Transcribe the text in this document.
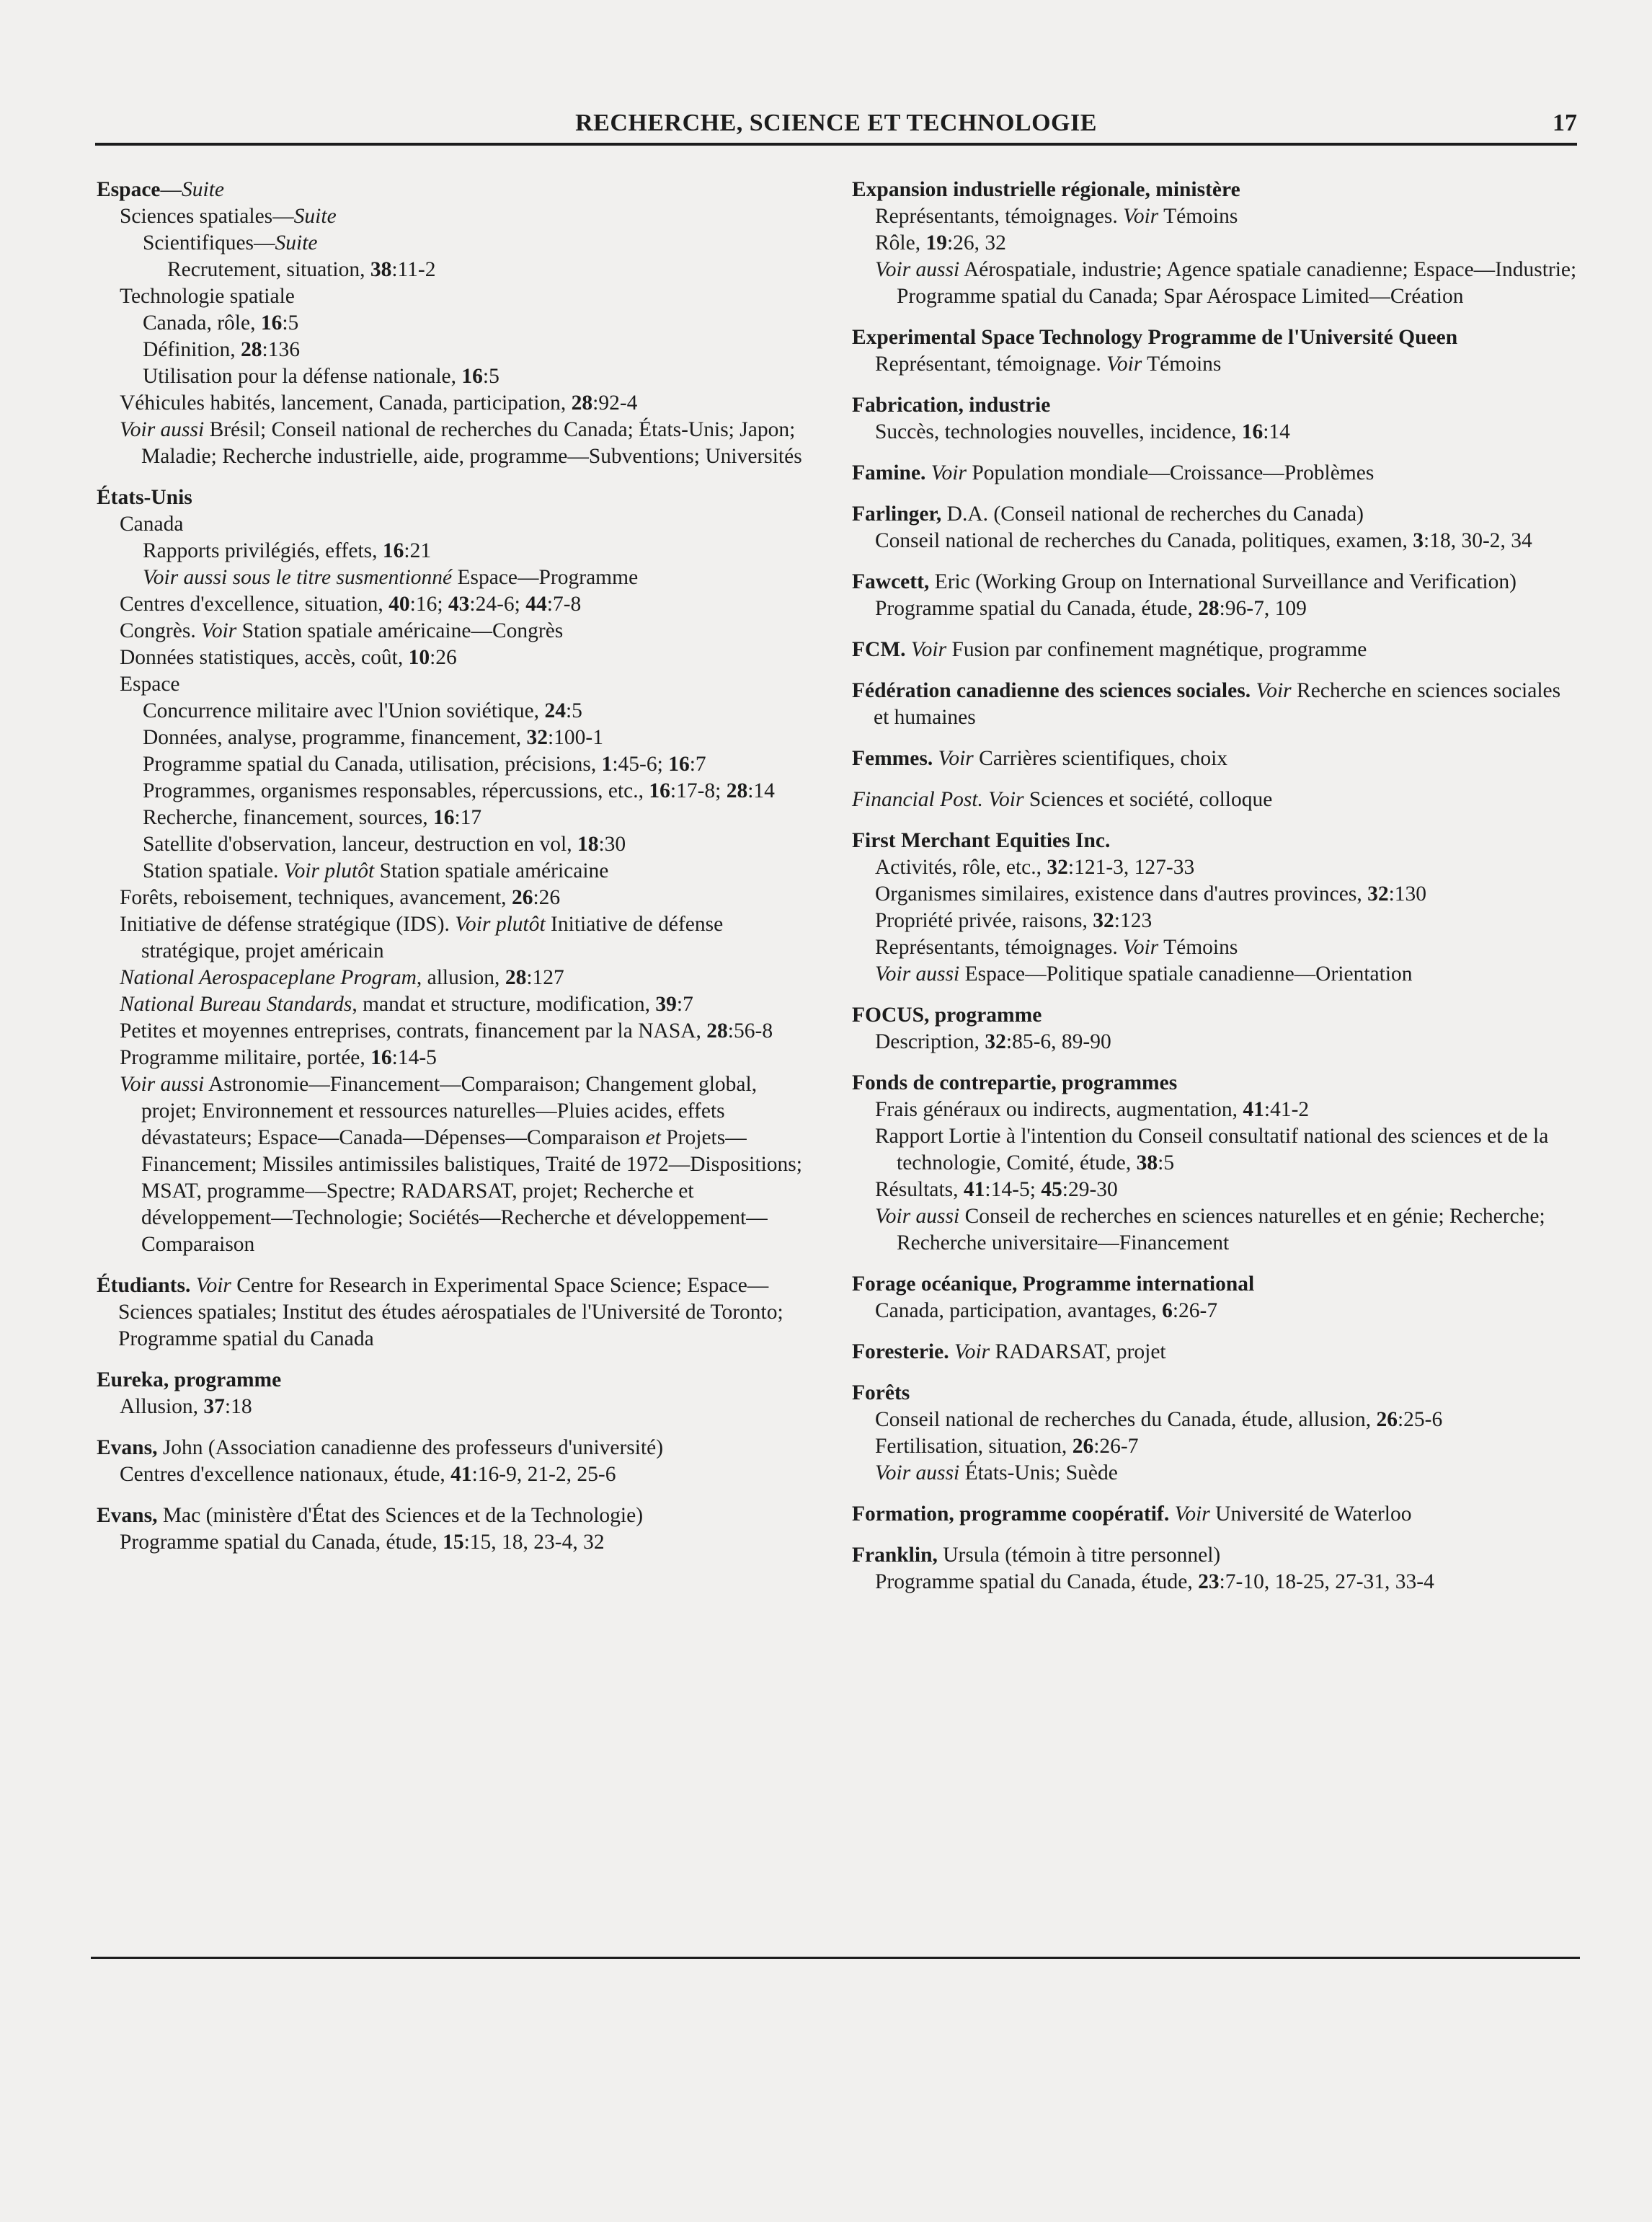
RECHERCHE, SCIENCE ET TECHNOLOGIE	17
Espace—Suite
Sciences spatiales—Suite
Scientifiques—Suite
Recrutement, situation, 38:11-2
Technologie spatiale
Canada, rôle, 16:5
Définition, 28:136
Utilisation pour la défense nationale, 16:5
Véhicules habités, lancement, Canada, participation, 28:92-4
Voir aussi Brésil; Conseil national de recherches du Canada; États-Unis; Japon; Maladie; Recherche industrielle, aide, programme—Subventions; Universités
États-Unis
Canada
Rapports privilégiés, effets, 16:21
Voir aussi sous le titre susmentionné Espace—Programme
Centres d'excellence, situation, 40:16; 43:24-6; 44:7-8
Congrès. Voir Station spatiale américaine—Congrès
Données statistiques, accès, coût, 10:26
Espace
Concurrence militaire avec l'Union soviétique, 24:5
Données, analyse, programme, financement, 32:100-1
Programme spatial du Canada, utilisation, précisions, 1:45-6; 16:7
Programmes, organismes responsables, répercussions, etc., 16:17-8; 28:14
Recherche, financement, sources, 16:17
Satellite d'observation, lanceur, destruction en vol, 18:30
Station spatiale. Voir plutôt Station spatiale américaine
Forêts, reboisement, techniques, avancement, 26:26
Initiative de défense stratégique (IDS). Voir plutôt Initiative de défense stratégique, projet américain
National Aerospaceplane Program, allusion, 28:127
National Bureau Standards, mandat et structure, modification, 39:7
Petites et moyennes entreprises, contrats, financement par la NASA, 28:56-8
Programme militaire, portée, 16:14-5
Voir aussi Astronomie—Financement—Comparaison; Changement global, projet; Environnement et ressources naturelles—Pluies acides, effets dévastateurs; Espace—Canada—Dépenses—Comparaison et Projets—Financement; Missiles antimissiles balistiques, Traité de 1972—Dispositions; MSAT, programme—Spectre; RADARSAT, projet; Recherche et développement—Technologie; Sociétés—Recherche et développement—Comparaison
Étudiants. Voir Centre for Research in Experimental Space Science; Espace—Sciences spatiales; Institut des études aérospatiales de l'Université de Toronto; Programme spatial du Canada
Eureka, programme
Allusion, 37:18
Evans, John (Association canadienne des professeurs d'université)
Centres d'excellence nationaux, étude, 41:16-9, 21-2, 25-6
Evans, Mac (ministère d'État des Sciences et de la Technologie)
Programme spatial du Canada, étude, 15:15, 18, 23-4, 32
Expansion industrielle régionale, ministère
Représentants, témoignages. Voir Témoins
Rôle, 19:26, 32
Voir aussi Aérospatiale, industrie; Agence spatiale canadienne; Espace—Industrie; Programme spatial du Canada; Spar Aérospace Limited—Création
Experimental Space Technology Programme de l'Université Queen
Représentant, témoignage. Voir Témoins
Fabrication, industrie
Succès, technologies nouvelles, incidence, 16:14
Famine. Voir Population mondiale—Croissance—Problèmes
Farlinger, D.A. (Conseil national de recherches du Canada)
Conseil national de recherches du Canada, politiques, examen, 3:18, 30-2, 34
Fawcett, Eric (Working Group on International Surveillance and Verification)
Programme spatial du Canada, étude, 28:96-7, 109
FCM. Voir Fusion par confinement magnétique, programme
Fédération canadienne des sciences sociales. Voir Recherche en sciences sociales et humaines
Femmes. Voir Carrières scientifiques, choix
Financial Post. Voir Sciences et société, colloque
First Merchant Equities Inc.
Activités, rôle, etc., 32:121-3, 127-33
Organismes similaires, existence dans d'autres provinces, 32:130
Propriété privée, raisons, 32:123
Représentants, témoignages. Voir Témoins
Voir aussi Espace—Politique spatiale canadienne—Orientation
FOCUS, programme
Description, 32:85-6, 89-90
Fonds de contrepartie, programmes
Frais généraux ou indirects, augmentation, 41:41-2
Rapport Lortie à l'intention du Conseil consultatif national des sciences et de la technologie, Comité, étude, 38:5
Résultats, 41:14-5; 45:29-30
Voir aussi Conseil de recherches en sciences naturelles et en génie; Recherche; Recherche universitaire—Financement
Forage océanique, Programme international
Canada, participation, avantages, 6:26-7
Foresterie. Voir RADARSAT, projet
Forêts
Conseil national de recherches du Canada, étude, allusion, 26:25-6
Fertilisation, situation, 26:26-7
Voir aussi États-Unis; Suède
Formation, programme coopératif. Voir Université de Waterloo
Franklin, Ursula (témoin à titre personnel)
Programme spatial du Canada, étude, 23:7-10, 18-25, 27-31, 33-4
